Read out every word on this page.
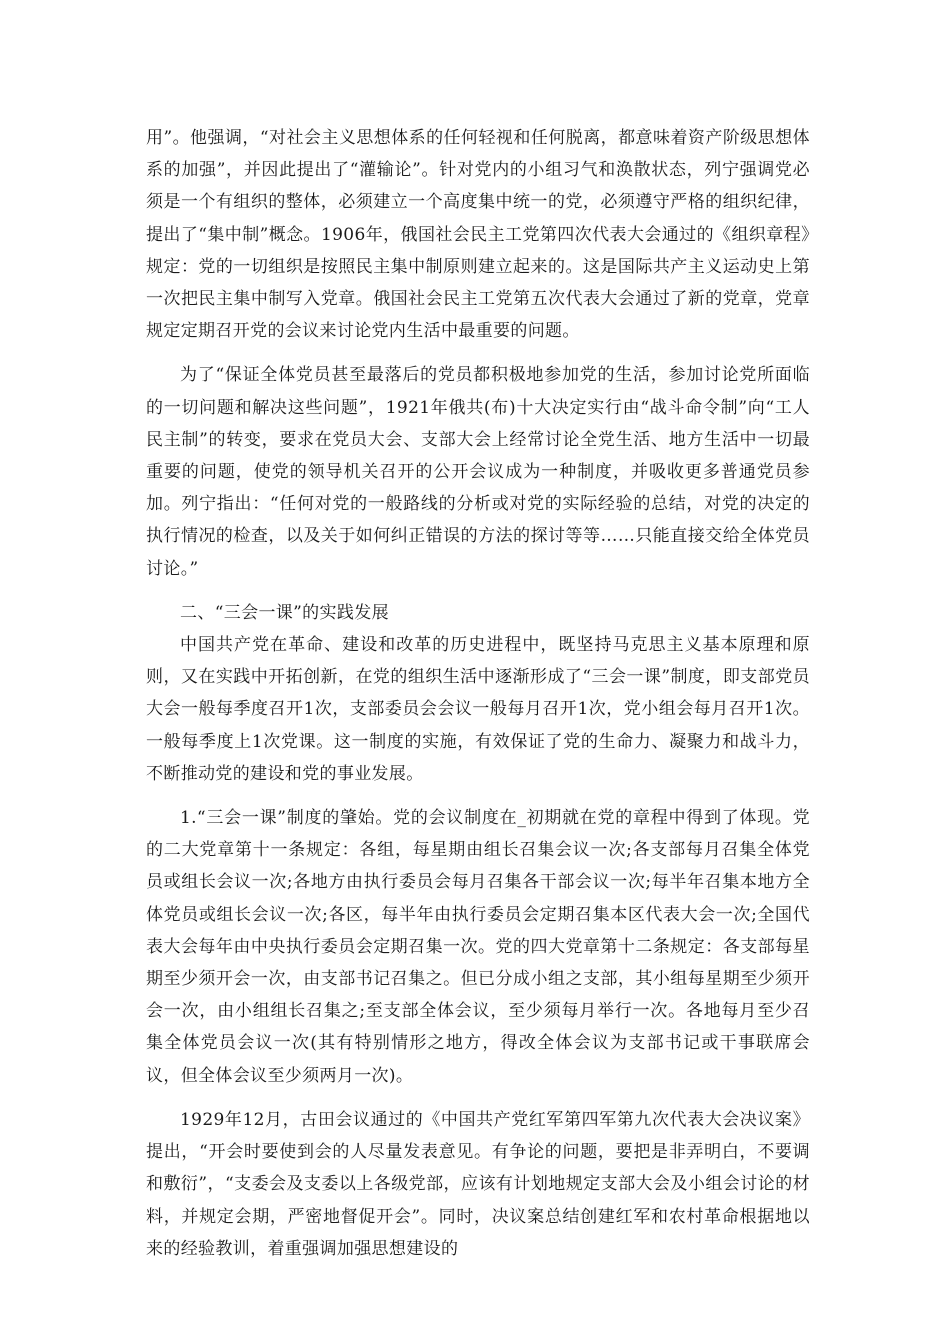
用”。他强调，“对社会主义思想体系的任何轻视和任何脱离，都意味着资产阶级思想体系的加强”，并因此提出了“灌输论”。针对党内的小组习气和涣散状态，列宁强调党必须是一个有组织的整体，必须建立一个高度集中统一的党，必须遵守严格的组织纪律，提出了“集中制”概念。1906年，俄国社会民主工党第四次代表大会通过的《组织章程》规定：党的一切组织是按照民主集中制原则建立起来的。这是国际共产主义运动史上第一次把民主集中制写入党章。俄国社会民主工党第五次代表大会通过了新的党章，党章规定定期召开党的会议来讨论党内生活中最重要的问题。

为了“保证全体党员甚至最落后的党员都积极地参加党的生活，参加讨论党所面临的一切问题和解决这些问题”，1921年俄共(布)十大决定实行由“战斗命令制”向“工人民主制”的转变，要求在党员大会、支部大会上经常讨论全党生活、地方生活中一切最重要的问题，使党的领导机关召开的公开会议成为一种制度，并吸收更多普通党员参加。列宁指出：“任何对党的一般路线的分析或对党的实际经验的总结，对党的决定的执行情况的检查，以及关于如何纠正错误的方法的探讨等等……只能直接交给全体党员讨论。”

二、“三会一课”的实践发展

中国共产党在革命、建设和改革的历史进程中，既坚持马克思主义基本原理和原则，又在实践中开拓创新，在党的组织生活中逐渐形成了“三会一课”制度，即支部党员大会一般每季度召开1次，支部委员会会议一般每月召开1次，党小组会每月召开1次。一般每季度上1次党课。这一制度的实施，有效保证了党的生命力、凝聚力和战斗力，不断推动党的建设和党的事业发展。

1.“三会一课”制度的肇始。党的会议制度在_初期就在党的章程中得到了体现。党的二大党章第十一条规定：各组，每星期由组长召集会议一次;各支部每月召集全体党员或组长会议一次;各地方由执行委员会每月召集各干部会议一次;每半年召集本地方全体党员或组长会议一次;各区，每半年由执行委员会定期召集本区代表大会一次;全国代表大会每年由中央执行委员会定期召集一次。党的四大党章第十二条规定：各支部每星期至少须开会一次，由支部书记召集之。但已分成小组之支部，其小组每星期至少须开会一次，由小组组长召集之;至支部全体会议，至少须每月举行一次。各地每月至少召集全体党员会议一次(其有特别情形之地方，得改全体会议为支部书记或干事联席会议，但全体会议至少须两月一次)。

1929年12月，古田会议通过的《中国共产党红军第四军第九次代表大会决议案》提出，“开会时要使到会的人尽量发表意见。有争论的问题，要把是非弄明白，不要调和敷衍”，“支委会及支委以上各级党部，应该有计划地规定支部大会及小组会讨论的材料，并规定会期，严密地督促开会”。同时，决议案总结创建红军和农村革命根据地以来的经验教训，着重强调加强思想建设的
